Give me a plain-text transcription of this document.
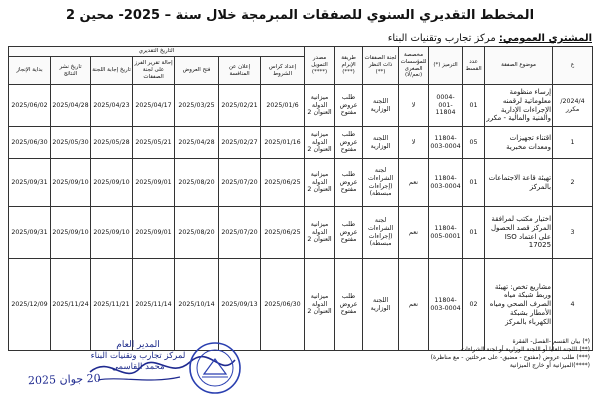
المخطط التقديري السنوي للصفقات المبرمجة خلال سنة – 2025- محين 2
المشتري العمومي: مركز تجارب وتقنيات البناء
ع	موضوع الصفقة	عدد القسط	الترميز (*)	مخصصة للمؤسسات الصغرى (نعم/لا)	لجنة الصفقات ذات النظر (**)	طريقة الإبرام (***)	مصدر التمويل (****)	التاريخ التقديري						
								إعداد كراس الشروط	إعلان عن المنافسة	فتح العروض	إحالة تقرير الفرز على لجنة الصفقات	تاريخ إجابة اللجنة	تاريخ نشر النتائج	بداية الإنجاز
2024/4/مكرر	إرساء منظومة معلوماتية لرقمنه الإجراءات الإدارية والفنية والمالية - مكرر	01	0004-001-11804	لا	اللجنة الوزارية	طلب عروض مفتوح	ميزانية الدولة العنوان 2	2025/01/6	2025/02/21	2025/03/25	2025/04/17	2025/04/23	2025/04/28	2025/06/02
1	اقتناء تجهيزات ومعدات مخبرية	05	11804-003-0004	لا	اللجنة الوزارية	طلب عروض مفتوح	ميزانية الدولة العنوان 2	2025/01/16	2025/02/27	2025/04/28	2025/05/21	2025/05/28	2025/05/30	2025/06/30
2	تهيئة قاعة الاجتماعات بالمركز	01	11804-003-0004	نعم	لجنة الشراءات (إجراءات مبسطة)	طلب عروض مفتوح	ميزانية الدولة العنوان 2	2025/06/25	2025/07/20	2025/08/20	2025/09/01	2025/09/10	2025/09/10	2025/09/31
3	اختيار مكتب لمرافقة المركز قصد الحصول على اعتماد ISO 17025	01	11804-005-0001	نعم	لجنة الشراءات (إجراءات مبسطة)	طلب عروض مفتوح	ميزانية الدولة العنوان 2	2025/06/25	2025/07/20	2025/08/20	2025/09/01	2025/09/10	2025/09/10	2025/09/31
4	مشاريع تخص: تهيئة وربط شبكة مياه الصرف الصحي ومياه الأمطار بشبكة الكهرباء بالمركز	02	11804-003-0004	نعم	اللجنة الوزارية	طلب عروض مفتوح	ميزانية الدولة العنوان 2	2025/06/30	2025/09/13	2025/10/14	2025/11/14	2025/11/21	2025/11/24	2025/12/09
(*) بيان القسم -الفصل- الفقرة
(**) اللجنة العليا أو اللجنة الوزارية أو لجنة الشراءات.
(***) طلب عروض (مفتوح - مضيق- على مرحلتين - مع مناظرة)
(****)الميزانية أو خارج الميزانية
المدير العام
لمركز تجارب وتقنيات البناء
محمد القاسمي
20 جوان 2025
